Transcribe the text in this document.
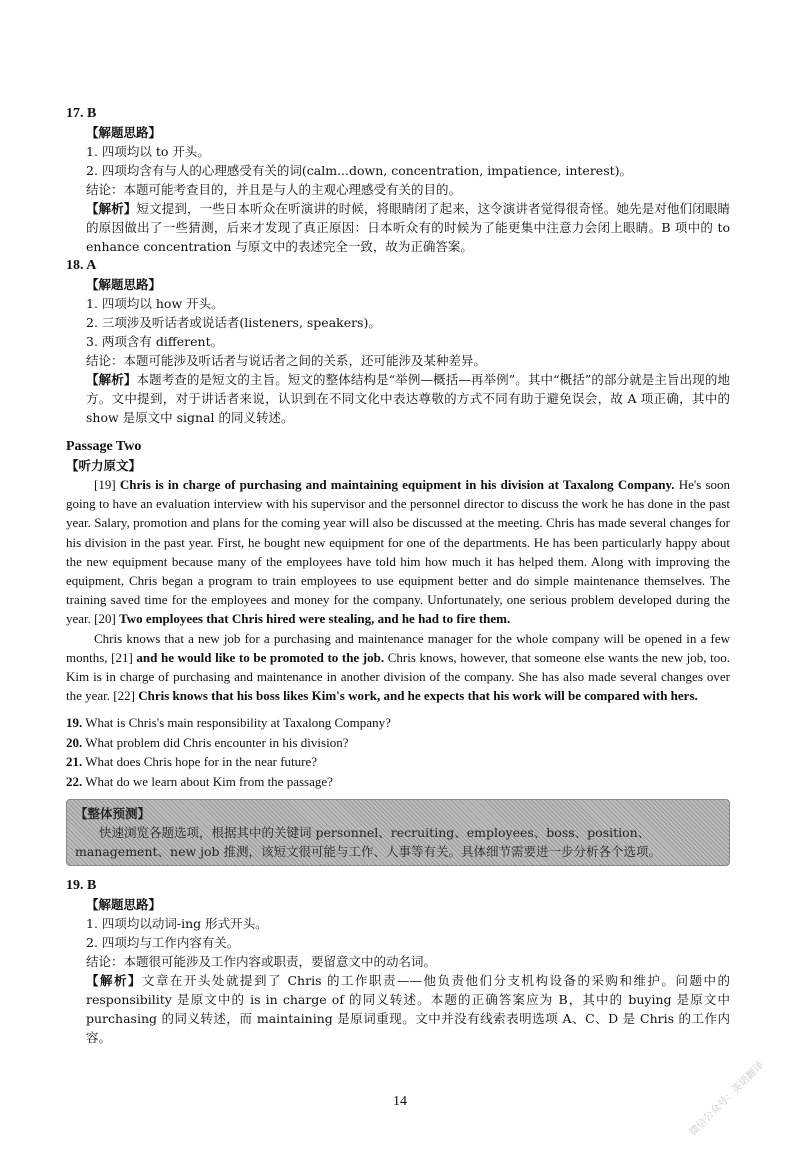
17. B

【解题思路】

1. 四项均以 to 开头。

2. 四项均含有与人的心理感受有关的词(calm...down, concentration, impatience, interest)。

结论：本题可能考查目的，并且是与人的主观心理感受有关的目的。

【解析】短文提到，一些日本听众在听演讲的时候，将眼睛闭了起来，这令演讲者觉得很奇怪。她先是对他们闭眼睛的原因做出了一些猜测，后来才发现了真正原因：日本听众有的时候为了能更集中注意力会闭上眼睛。B 项中的 to enhance concentration 与原文中的表述完全一致，故为正确答案。

18. A

【解题思路】

1. 四项均以 how 开头。

2. 三项涉及听话者或说话者(listeners, speakers)。

3. 两项含有 different。

结论：本题可能涉及听话者与说话者之间的关系，还可能涉及某种差异。

【解析】本题考查的是短文的主旨。短文的整体结构是“举例—概括—再举例”。其中“概括”的部分就是主旨出现的地方。文中提到，对于讲话者来说，认识到在不同文化中表达尊敬的方式不同有助于避免误会，故 A 项正确，其中的 show 是原文中 signal 的同义转述。

Passage Two

【听力原文】

[19] Chris is in charge of purchasing and maintaining equipment in his division at Taxalong Company. He's soon going to have an evaluation interview with his supervisor and the personnel director to discuss the work he has done in the past year. Salary, promotion and plans for the coming year will also be discussed at the meeting. Chris has made several changes for his division in the past year. First, he bought new equipment for one of the departments. He has been particularly happy about the new equipment because many of the employees have told him how much it has helped them. Along with improving the equipment, Chris began a program to train employees to use equipment better and do simple maintenance themselves. The training saved time for the employees and money for the company. Unfortunately, one serious problem developed during the year. [20] Two employees that Chris hired were stealing, and he had to fire them.

Chris knows that a new job for a purchasing and maintenance manager for the whole company will be opened in a few months, [21] and he would like to be promoted to the job. Chris knows, however, that someone else wants the new job, too. Kim is in charge of purchasing and maintenance in another division of the company. She has also made several changes over the year. [22] Chris knows that his boss likes Kim's work, and he expects that his work will be compared with hers.

19. What is Chris's main responsibility at Taxalong Company?

20. What problem did Chris encounter in his division?

21. What does Chris hope for in the near future?

22. What do we learn about Kim from the passage?

【整体预测】
快速浏览各题选项，根据其中的关键词 personnel、recruiting、employees、boss、position、management、new job 推测，该短文很可能与工作、人事等有关。具体细节需要进一步分析各个选项。

19. B

【解题思路】

1. 四项均以动词-ing 形式开头。

2. 四项均与工作内容有关。

结论：本题很可能涉及工作内容或职责，要留意文中的动名词。

【解析】文章在开头处就提到了 Chris 的工作职责——他负责他们分支机构设备的采购和维护。问题中的 responsibility 是原文中的 is in charge of 的同义转述。本题的正确答案应为 B，其中的 buying 是原文中 purchasing 的同义转述，而 maintaining 是原词重现。文中并没有线索表明选项 A、C、D 是 Chris 的工作内容。

14	微信公众号：英语翻译
